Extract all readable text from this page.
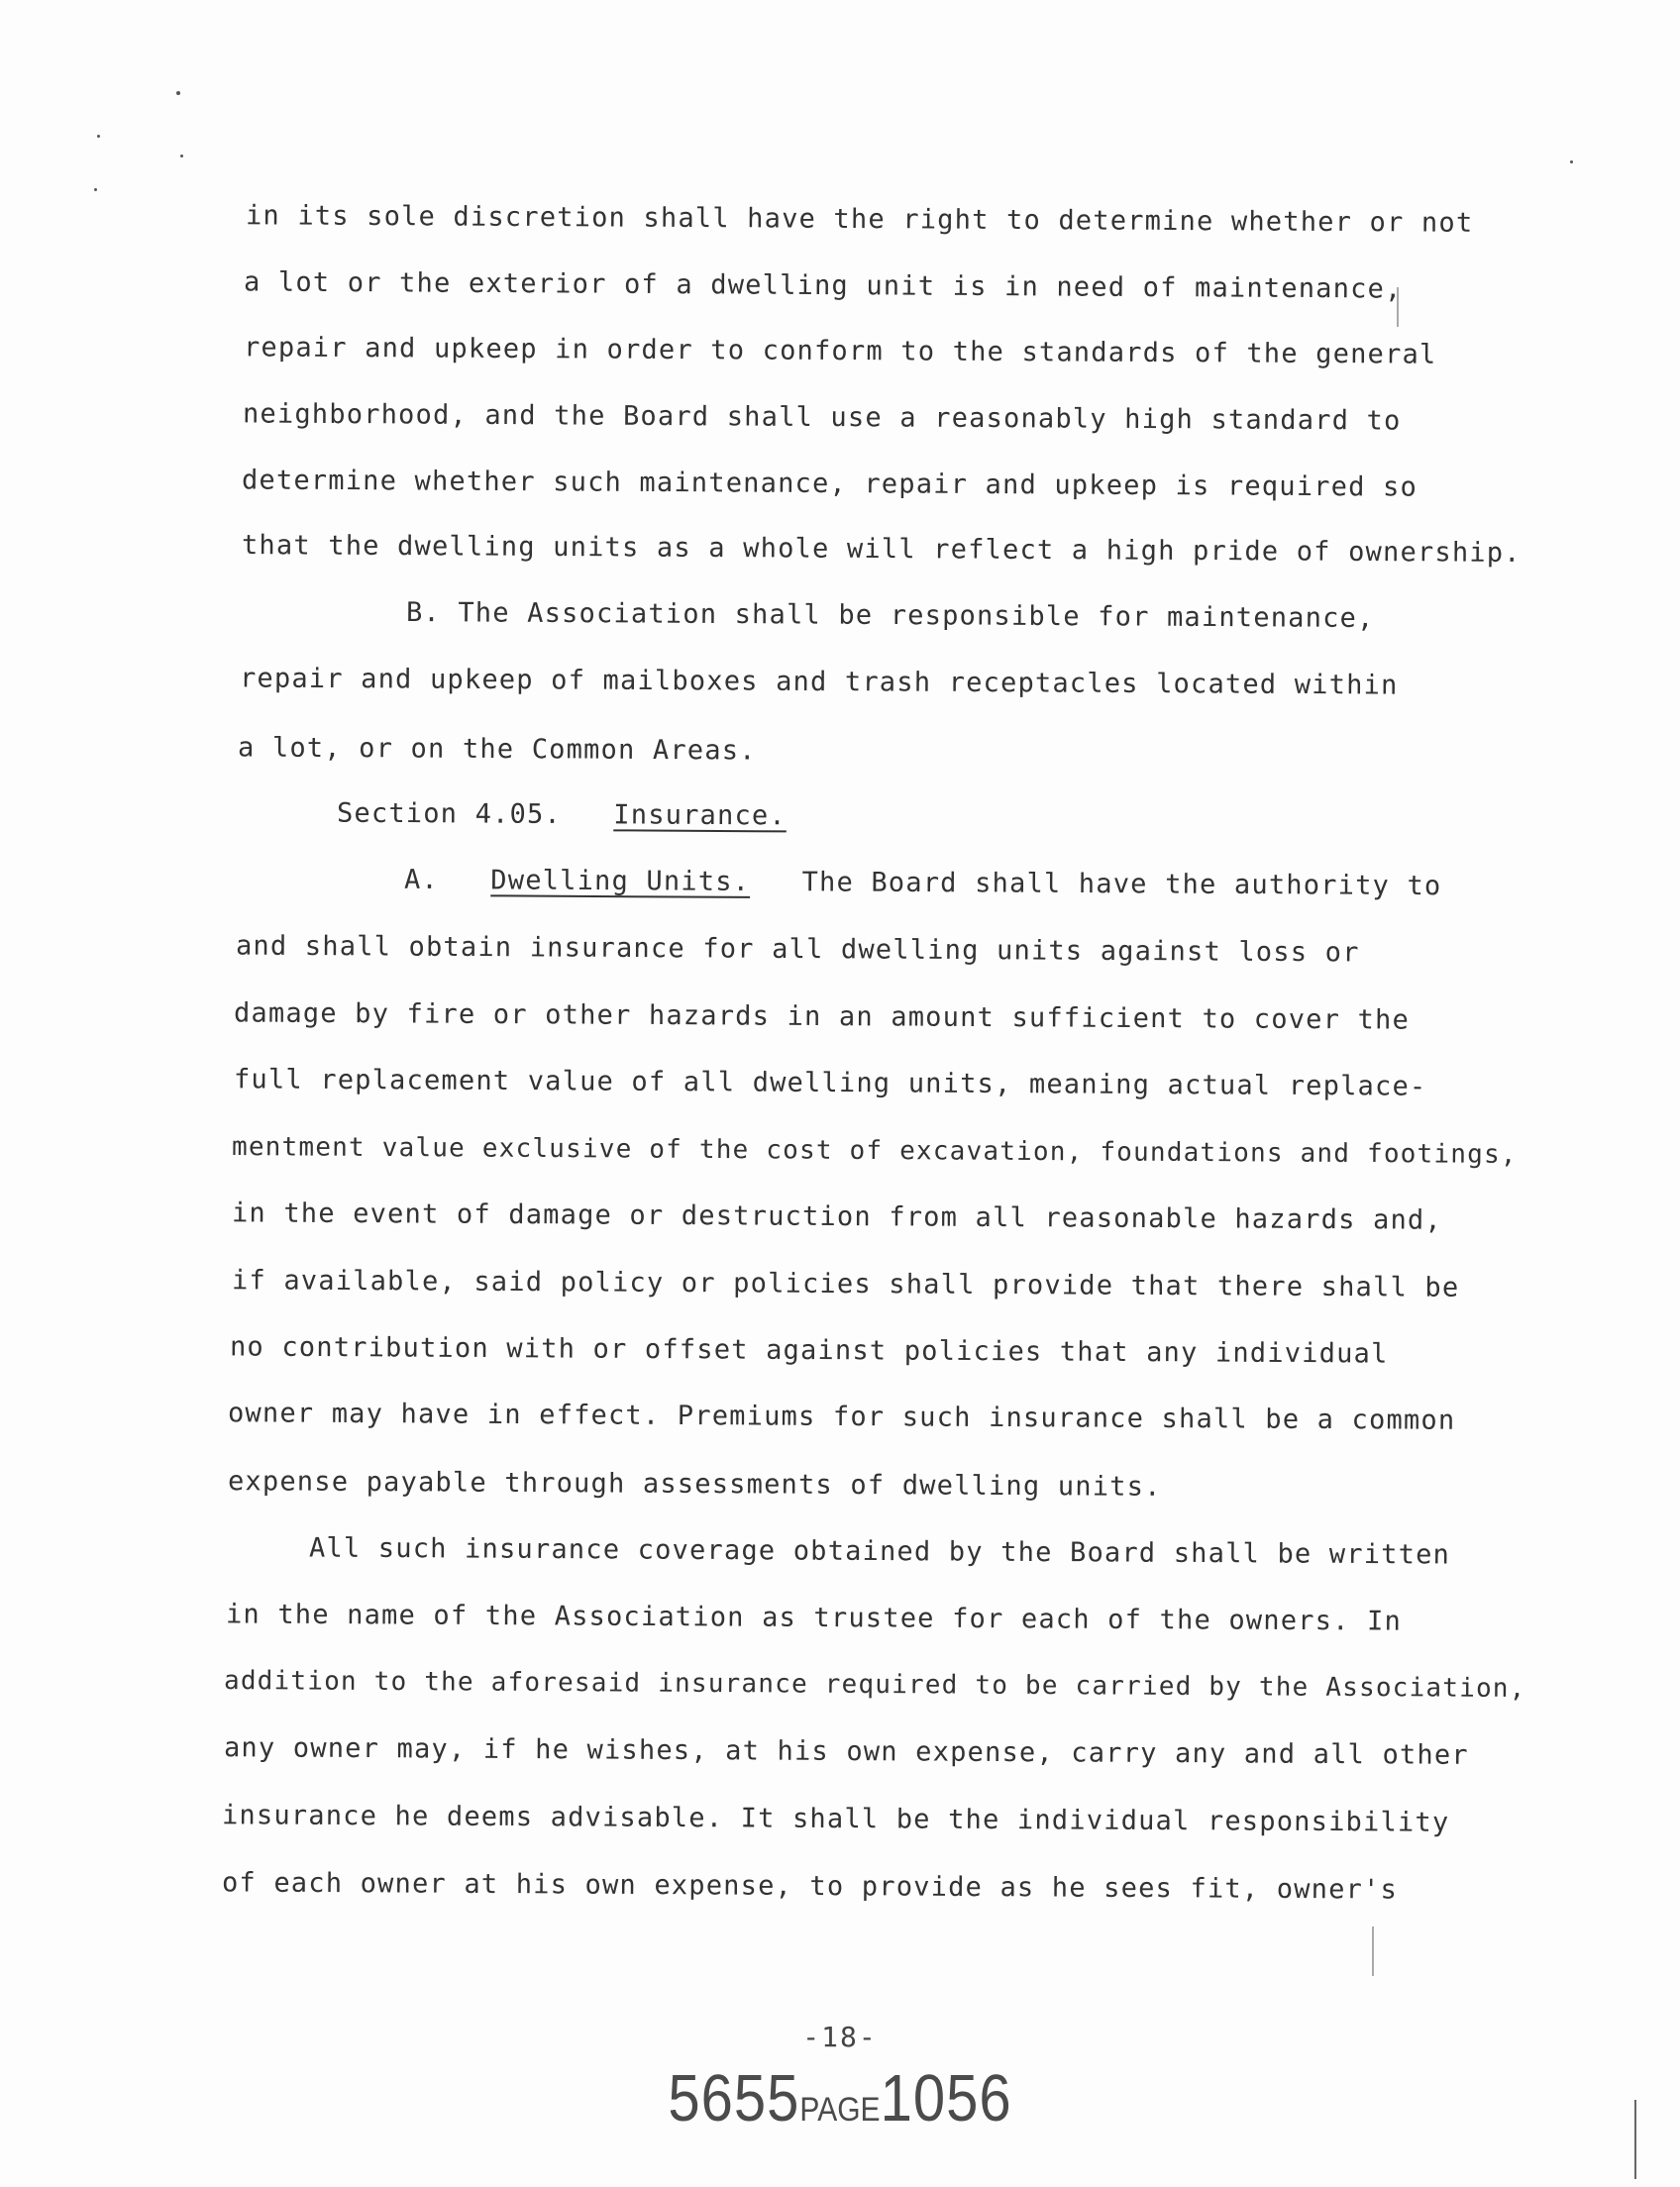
in its sole discretion shall have the right to determine whether or not
a lot or the exterior of a dwelling unit is in need of maintenance,
repair and upkeep in order to conform to the standards of the general
neighborhood, and the Board shall use a reasonably high standard to
determine whether such maintenance, repair and upkeep is required so
that the dwelling units as a whole will reflect a high pride of ownership.
B. The Association shall be responsible for maintenance,
repair and upkeep of mailboxes and trash receptacles located within
a lot, or on the Common Areas.
Section 4.05. Insurance.
A. Dwelling Units. The Board shall have the authority to
and shall obtain insurance for all dwelling units against loss or
damage by fire or other hazards in an amount sufficient to cover the
full replacement value of all dwelling units, meaning actual replace-
mentment value exclusive of the cost of excavation, foundations and footings,
in the event of damage or destruction from all reasonable hazards and,
if available, said policy or policies shall provide that there shall be
no contribution with or offset against policies that any individual
owner may have in effect. Premiums for such insurance shall be a common
expense payable through assessments of dwelling units.
All such insurance coverage obtained by the Board shall be written
in the name of the Association as trustee for each of the owners. In
addition to the aforesaid insurance required to be carried by the Association,
any owner may, if he wishes, at his own expense, carry any and all other
insurance he deems advisable. It shall be the individual responsibility
of each owner at his own expense, to provide as he sees fit, owner's
-18-
5655PAGE1056
